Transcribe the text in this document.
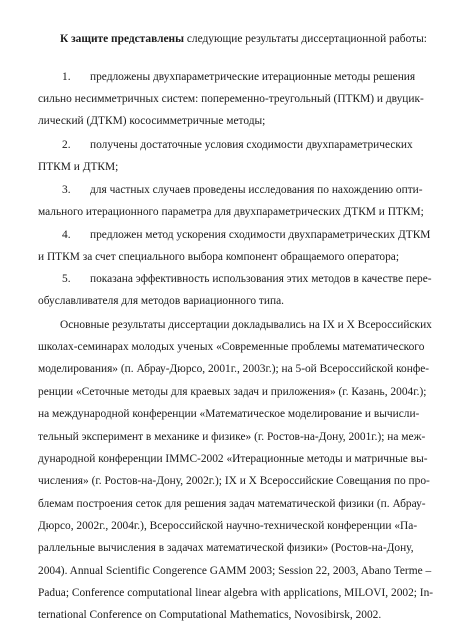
К защите представлены следующие результаты диссертационной работы:
1. предложены двухпараметрические итерационные методы решения
сильно несимметричных систем: попеременно-треугольный (ПТКМ) и двуцик-
лический (ДТКМ) кососимметричные методы;
2. получены достаточные условия сходимости двухпараметрических
ПТКМ и ДТКМ;
3. для частных случаев проведены исследования по нахождению опти-
мального итерационного параметра для двухпараметрических ДТКМ и ПТКМ;
4. предложен метод ускорения сходимости двухпараметрических ДТКМ
и ПТКМ за счет специального выбора компонент обращаемого оператора;
5. показана эффективность использования этих методов в качестве пере-
обуславливателя для методов вариационного типа.
Основные результаты диссертации докладывались на IX и X Всероссийских
школах-семинарах молодых ученых «Современные проблемы математического
моделирования» (п. Абрау-Дюрсо, 2001г., 2003г.); на 5-ой Всероссийской конфе-
ренции «Сеточные методы для краевых задач и приложения» (г. Казань, 2004г.);
на международной конференции «Математическое моделирование и вычисли-
тельный эксперимент в механике и физике» (г. Ростов-на-Дону, 2001г.); на меж-
дународной конференции IMMC-2002 «Итерационные методы и матричные вы-
числения» (г. Ростов-на-Дону, 2002г.); IX и X Всероссийские Совещания по про-
блемам построения сеток для решения задач математической физики (п. Абрау-
Дюрсо, 2002г., 2004г.), Всероссийской научно-технической конференции «Па-
раллельные вычисления в задачах математической физики» (Ростов-на-Дону,
2004). Annual Scientific Congerence GAMM 2003; Session 22, 2003, Abano Terme –
Padua; Conference computational linear algebra with applications, MILOVI, 2002; In-
ternational Conference on Computational Mathematics, Novosibirsk, 2002.
